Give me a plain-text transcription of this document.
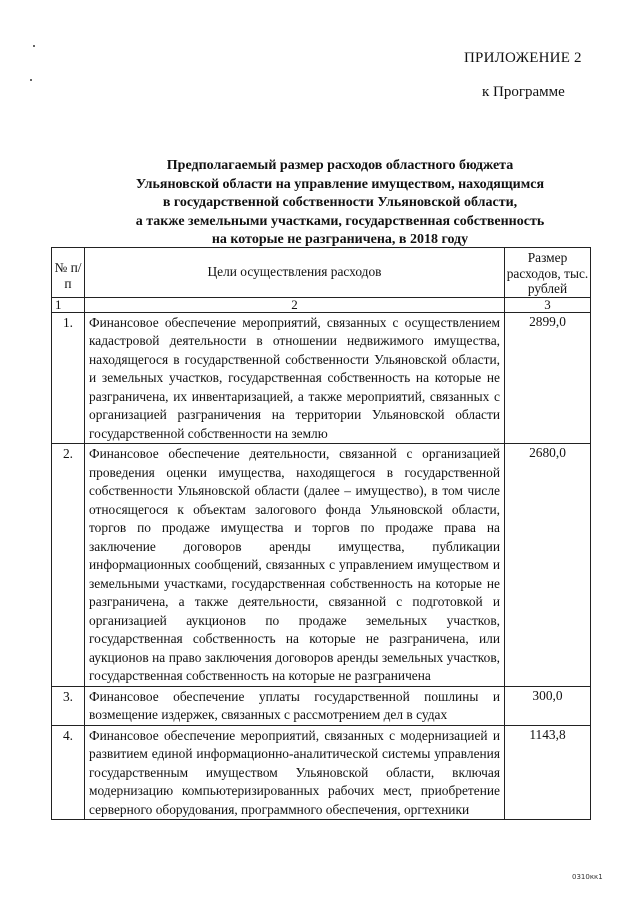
ПРИЛОЖЕНИЕ 2
к Программе
Предполагаемый размер расходов областного бюджета
Ульяновской области на управление имуществом, находящимся
в государственной собственности Ульяновской области,
а также земельными участками, государственная собственность
на которые не разграничена, в 2018 году
№ п/п	Цели осуществления расходов	Размер расходов, тыс. рублей
1	2	3
1.	Финансовое обеспечение мероприятий, связанных с осуществлением кадастровой деятельности в отношении недвижимого имущества, находящегося в государственной собственности Ульяновской области, и земельных участков, государственная собственность на которые не разграничена, их инвентаризацией, а также мероприятий, связанных с организацией разграничения на территории Ульяновской области государственной собственности на землю	2899,0
2.	Финансовое обеспечение деятельности, связанной с организацией проведения оценки имущества, находящегося в государственной собственности Ульяновской области (далее – имущество), в том числе относящегося к объектам залогового фонда Ульяновской области, торгов по продаже имущества и торгов по продаже права на заключение договоров аренды имущества, публикации информационных сообщений, связанных с управлением имуществом и земельными участками, государственная собственность на которые не разграничена, а также деятельности, связанной с подготовкой и организацией аукционов по продаже земельных участков, государственная собственность на которые не разграничена, или аукционов на право заключения договоров аренды земельных участков, государственная собственность на которые не разграничена	2680,0
3.	Финансовое обеспечение уплаты государственной пошлины и возмещение издержек, связанных с рассмотрением дел в судах	300,0
4.	Финансовое обеспечение мероприятий, связанных с модернизацией и развитием единой информационно-аналитической системы управления государственным имуществом Ульяновской области, включая модернизацию компьютеризированных рабочих мест, приобретение серверного оборудования, программного обеспечения, оргтехники	1143,8
0310кк1
